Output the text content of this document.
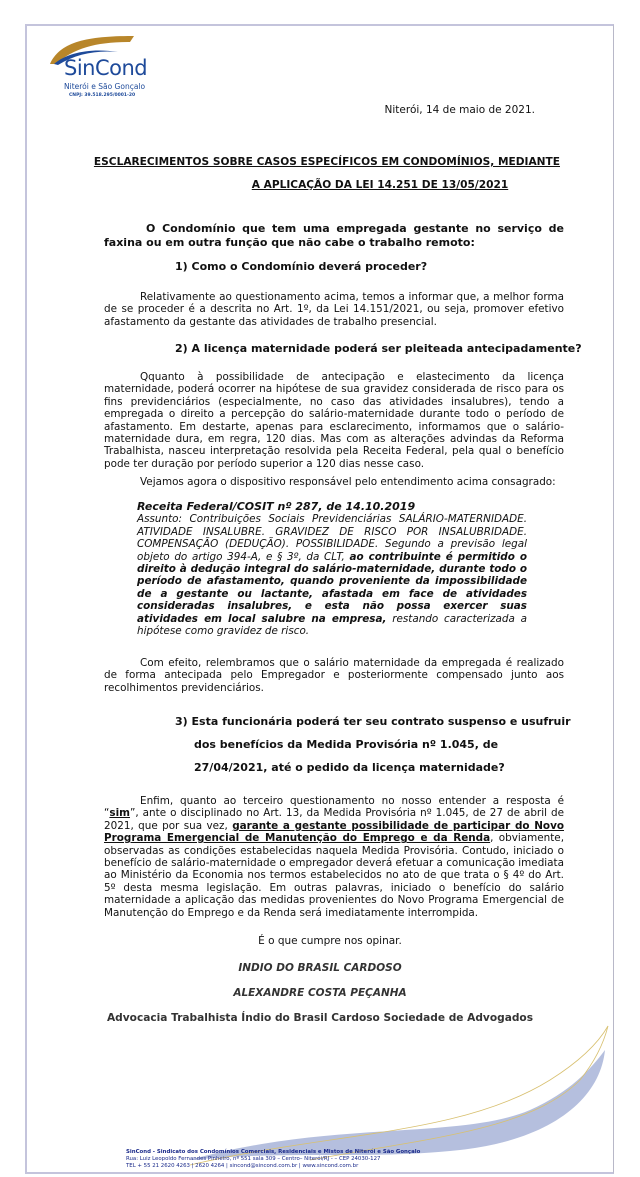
SinCond
Niterói e São Gonçalo
CNPJ: 39.518.295/0001-20
Niterói, 14 de maio de 2021.
ESCLARECIMENTOS SOBRE CASOS ESPECÍFICOS EM CONDOMÍNIOS, MEDIANTE
A APLICAÇÃO DA LEI 14.251 DE 13/05/2021
O Condomínio que tem uma empregada gestante no serviço de faxina ou em outra função que não cabe o trabalho remoto:
1) Como o Condomínio deverá proceder?
Relativamente ao questionamento acima, temos a informar que, a melhor forma de se proceder é a descrita no Art. 1º, da Lei 14.151/2021, ou seja, promover efetivo afastamento da gestante das atividades de trabalho presencial.
2) A licença maternidade poderá ser pleiteada antecipadamente?
Qquanto à possibilidade de antecipação e elastecimento da licença maternidade, poderá ocorrer na hipótese de sua gravidez considerada de risco para os fins previdenciários (especialmente, no caso das atividades insalubres), tendo a empregada o direito a percepção do salário-maternidade durante todo o período de afastamento. Em destarte, apenas para esclarecimento, informamos que o salário-maternidade dura, em regra, 120 dias. Mas com as alterações advindas da Reforma Trabalhista, nasceu interpretação resolvida pela Receita Federal, pela qual o benefício pode ter duração por período superior a 120 dias nesse caso.
Vejamos agora o dispositivo responsável pelo entendimento acima consagrado:
Receita Federal/COSIT nº 287, de 14.10.2019
Assunto: Contribuições Sociais Previdenciárias SALÁRIO-MATERNIDADE. ATIVIDADE INSALUBRE. GRAVIDEZ DE RISCO POR INSALUBRIDADE. COMPENSAÇÃO (DEDUÇÃO). POSSIBILIDADE. Segundo a previsão legal objeto do artigo 394-A, e § 3º, da CLT, ao contribuinte é permitido o direito à dedução integral do salário-maternidade, durante todo o período de afastamento, quando proveniente da impossibilidade de a gestante ou lactante, afastada em face de atividades consideradas insalubres, e esta não possa exercer suas atividades em local salubre na empresa, restando caracterizada a hipótese como gravidez de risco.
Com efeito, relembramos que o salário maternidade da empregada é realizado de forma antecipada pelo Empregador e posteriormente compensado junto aos recolhimentos previdenciários.
3) Esta funcionária poderá ter seu contrato suspenso e usufruir
dos benefícios da Medida Provisória nº 1.045, de
27/04/2021, até o pedido da licença maternidade?
Enfim, quanto ao terceiro questionamento no nosso entender a resposta é “sim”, ante o disciplinado no Art. 13, da Medida Provisória nº 1.045, de 27 de abril de 2021, que por sua vez, garante a gestante possibilidade de participar do Novo Programa Emergencial de Manutenção do Emprego e da Renda, obviamente, observadas as condições estabelecidas naquela Medida Provisória. Contudo, iniciado o benefício de salário-maternidade o empregador deverá efetuar a comunicação imediata ao Ministério da Economia nos termos estabelecidos no ato de que trata o § 4º do Art. 5º desta mesma legislação. Em outras palavras, iniciado o benefício do salário maternidade a aplicação das medidas provenientes do Novo Programa Emergencial de Manutenção do Emprego e da Renda será imediatamente interrompida.
É o que cumpre nos opinar.
INDIO DO BRASIL CARDOSO
ALEXANDRE COSTA PEÇANHA
Advocacia Trabalhista Índio do Brasil Cardoso Sociedade de Advogados
SinCond - Sindicato dos Condomínios Comerciais, Residenciais e Mistos de Niterói e São Gonçalo
Rua: Luiz Leopoldo Fernandes Pinheiro, nº 551 sala 309 – Centro– Niterói/RJ - – CEP 24030-127
TEL + 55 21 2620 4263 | 2620 4264 | sincond@sincond.com.br | www.sincond.com.br
